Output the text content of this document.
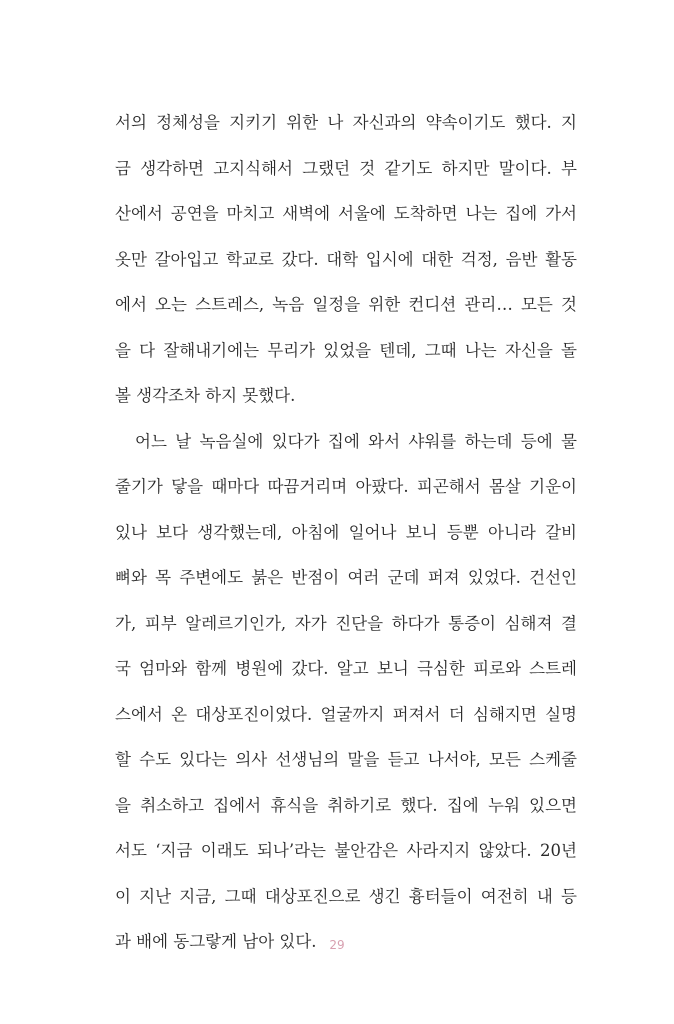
서의 정체성을 지키기 위한 나 자신과의 약속이기도 했다. 지
금 생각하면 고지식해서 그랬던 것 같기도 하지만 말이다. 부
산에서 공연을 마치고 새벽에 서울에 도착하면 나는 집에 가서
옷만 갈아입고 학교로 갔다. 대학 입시에 대한 걱정, 음반 활동
에서 오는 스트레스, 녹음 일정을 위한 컨디션 관리… 모든 것
을 다 잘해내기에는 무리가 있었을 텐데, 그때 나는 자신을 돌
볼 생각조차 하지 못했다.
어느 날 녹음실에 있다가 집에 와서 샤워를 하는데 등에 물
줄기가 닿을 때마다 따끔거리며 아팠다. 피곤해서 몸살 기운이
있나 보다 생각했는데, 아침에 일어나 보니 등뿐 아니라 갈비
뼈와 목 주변에도 붉은 반점이 여러 군데 퍼져 있었다. 건선인
가, 피부 알레르기인가, 자가 진단을 하다가 통증이 심해져 결
국 엄마와 함께 병원에 갔다. 알고 보니 극심한 피로와 스트레
스에서 온 대상포진이었다. 얼굴까지 퍼져서 더 심해지면 실명
할 수도 있다는 의사 선생님의 말을 듣고 나서야, 모든 스케줄
을 취소하고 집에서 휴식을 취하기로 했다. 집에 누워 있으면
서도 ‘지금 이래도 되나’라는 불안감은 사라지지 않았다. 20년
이 지난 지금, 그때 대상포진으로 생긴 흉터들이 여전히 내 등
과 배에 동그랗게 남아 있다.	29
